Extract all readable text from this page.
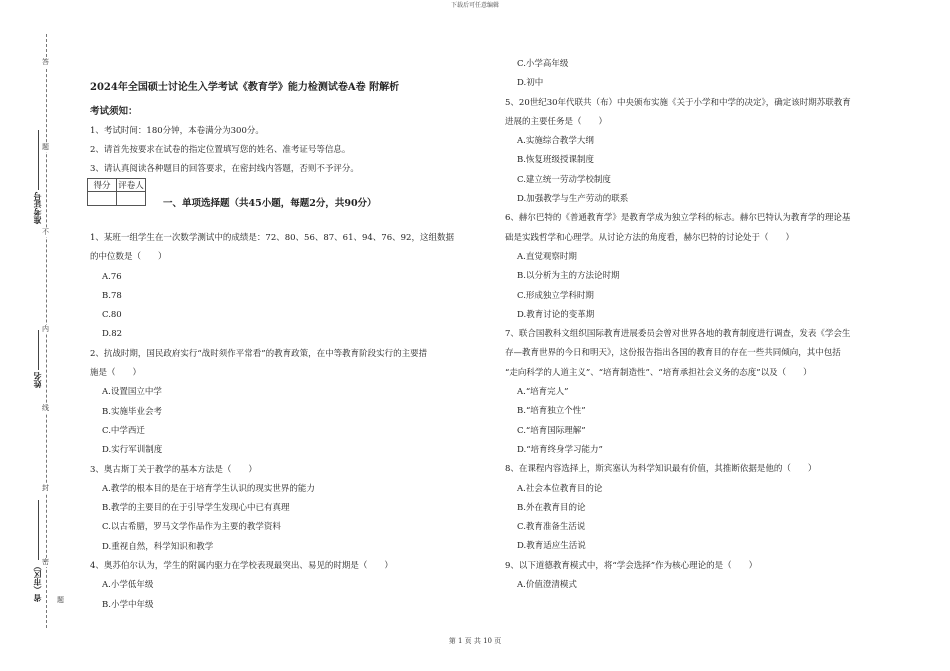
下载后可任意编辑
答
题
不
内
线
封
密
题
准考证号
姓名
省（市区）
2024年全国硕士讨论生入学考试《教育学》能力检测试卷A卷 附解析
考试须知：
1、考试时间：180分钟，本卷满分为300分。
2、请首先按要求在试卷的指定位置填写您的姓名、准考证号等信息。
3、请认真阅读各种题目的回答要求，在密封线内答题，否则不予评分。
得分	评卷人

一、单项选择题（共45小题，每题2分，共90分）

1、某班一组学生在一次数学测试中的成绩是：72、80、56、87、61、94、76、92，这组数据

的中位数是（　　）

A.76

B.78

C.80

D.82

2、抗战时期，国民政府实行“战时须作平常看”的教育政策，在中等教育阶段实行的主要措

施是（　　）

A.设置国立中学

B.实施毕业会考

C.中学西迁

D.实行军训制度

3、奥古斯丁关于教学的基本方法是（　　）

A.教学的根本目的是在于培育学生认识的现实世界的能力

B.教学的主要目的在于引导学生发现心中已有真理

C.以古希腊，罗马文学作品作为主要的教学资料

D.重视自然，科学知识和教学

4、奥苏伯尔认为，学生的附属内驱力在学校表现最突出、易见的时期是（　　）

A.小学低年级

B.小学中年级

C.小学高年级

D.初中

5、20世纪30年代联共（布）中央颁布实施《关于小学和中学的决定》，确定该时期苏联教育

进展的主要任务是（　　）

A.实施综合教学大纲

B.恢复班级授课制度

C.建立统一劳动学校制度

D.加强教学与生产劳动的联系

6、赫尔巴特的《普通教育学》是教育学成为独立学科的标志。赫尔巴特认为教育学的理论基

础是实践哲学和心理学。从讨论方法的角度看，赫尔巴特的讨论处于（　　）

A.直觉观察时期

B.以分析为主的方法论时期

C.形成独立学科时期

D.教育讨论的变革期

7、联合国教科文组织国际教育进展委员会曾对世界各地的教育制度进行调查，发表《学会生

存—教育世界的今日和明天》，这份报告指出各国的教育目的存在一些共同倾向，其中包括

“走向科学的人道主义”、“培育制造性”、“培育承担社会义务的态度”以及（　　）

A.“培育完人”

B.“培育独立个性”

C.“培育国际理解”

D.“培育终身学习能力”

8、在课程内容选择上，斯宾塞认为科学知识最有价值，其推断依据是他的（　　）

A.社会本位教育目的论

B.外在教育目的论

C.教育准备生活说

D.教育适应生活说

9、以下道德教育模式中，将“学会选择”作为核心理论的是（　　）

A.价值澄清模式

第 1 页 共 10 页
